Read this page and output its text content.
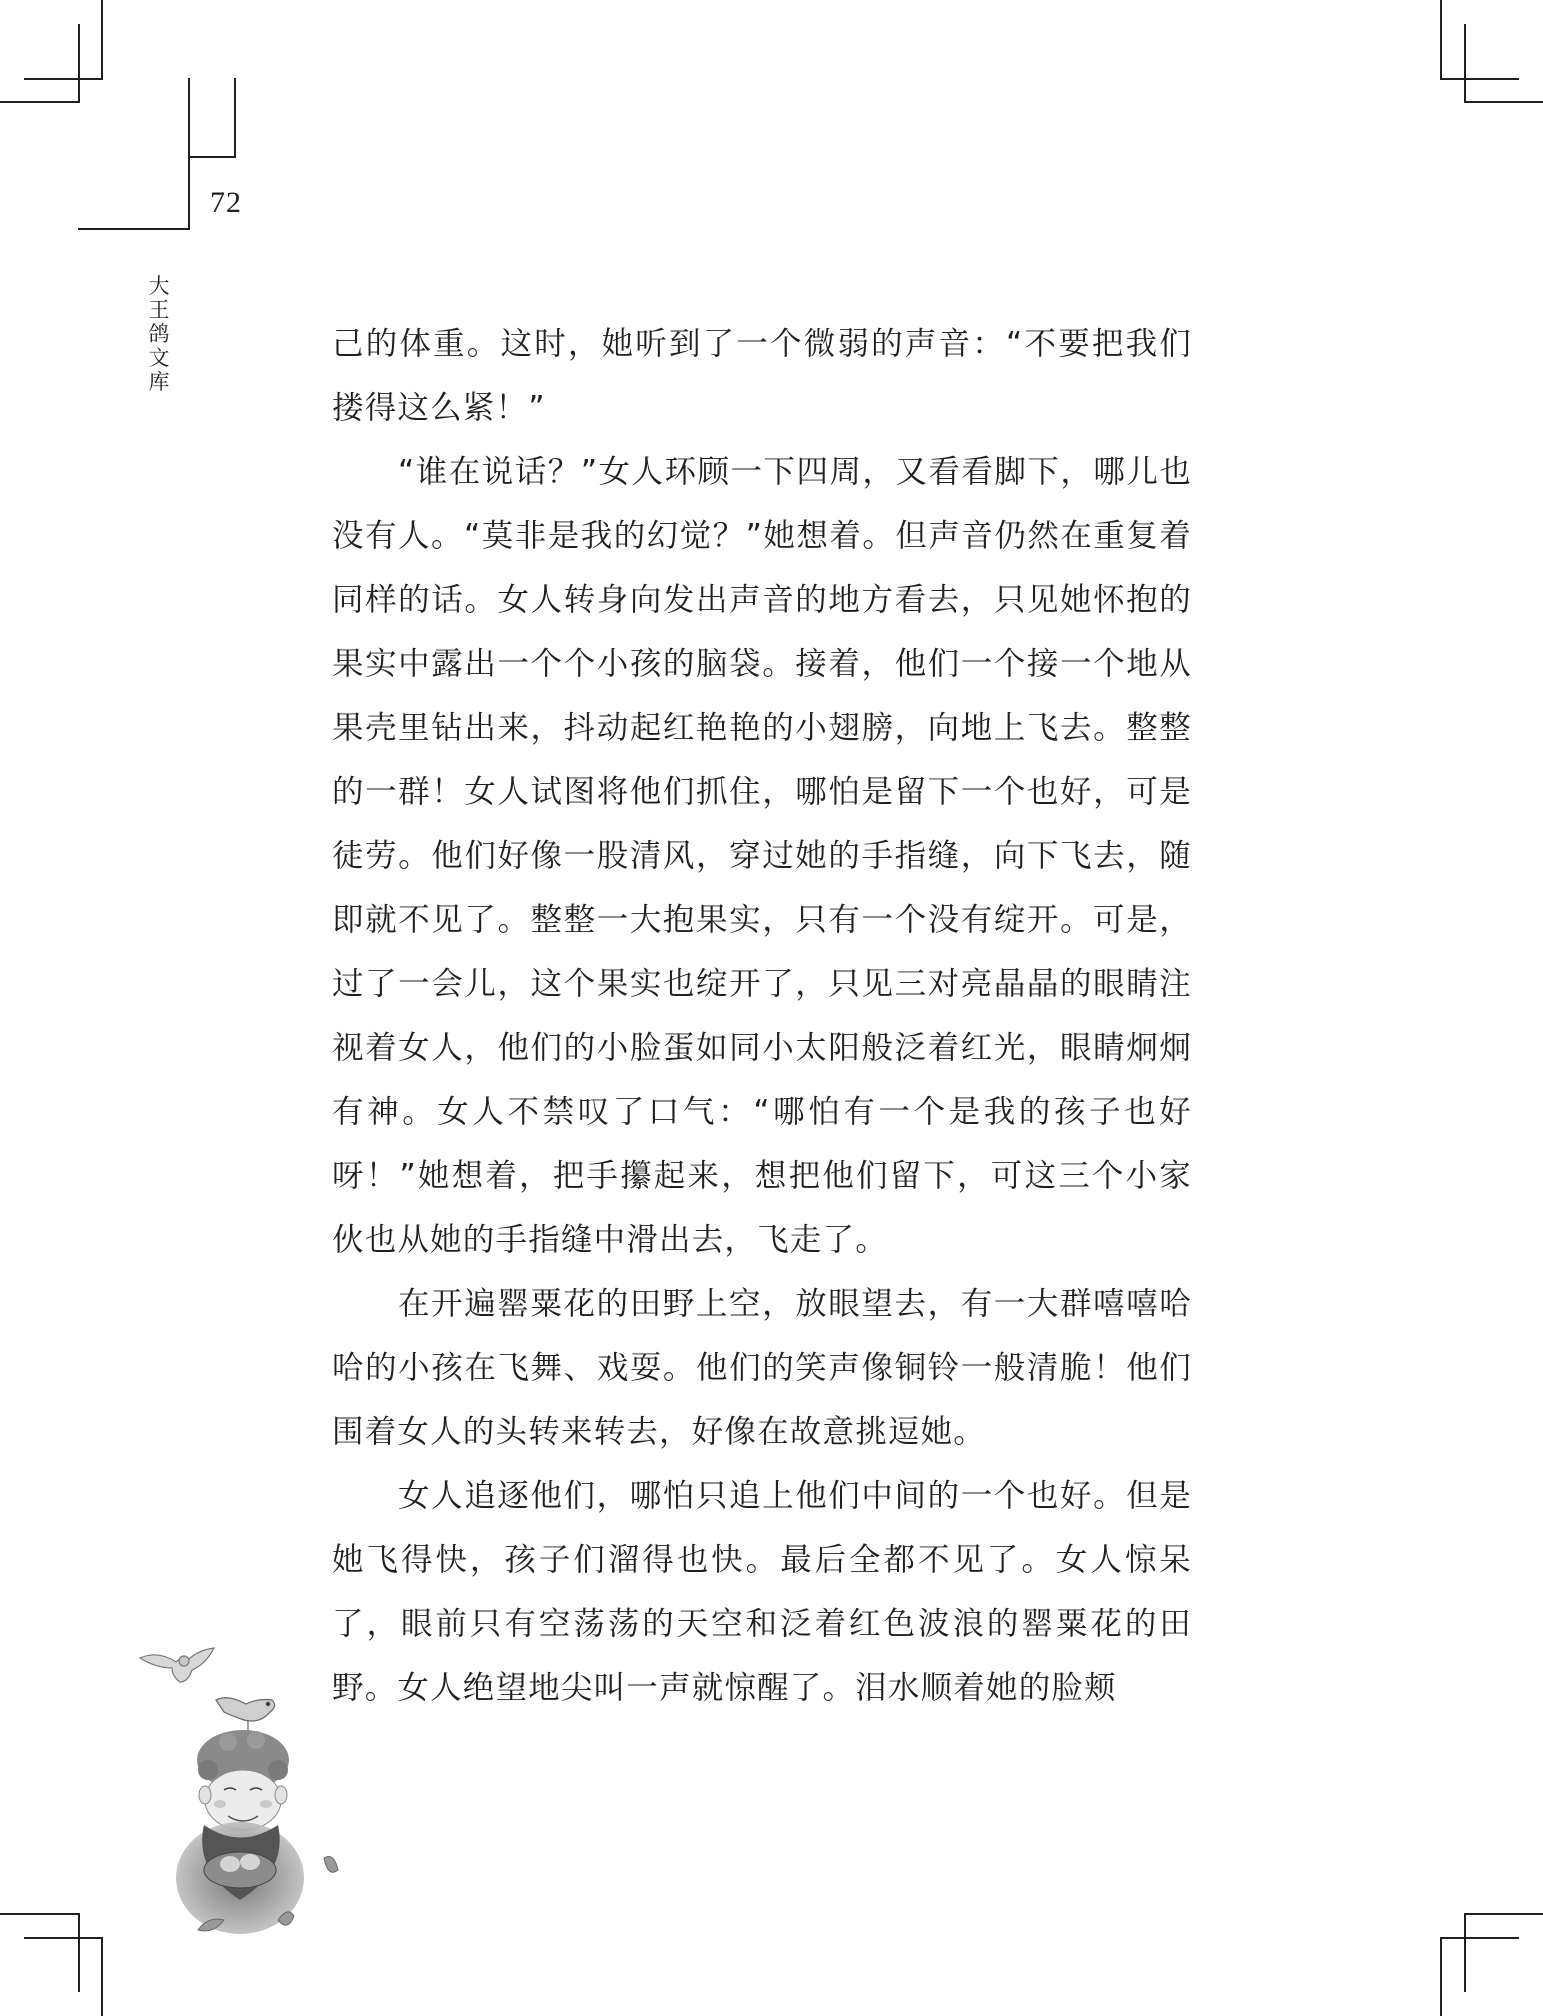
72
大
王
鸽
文
库

己的体重。这时，她听到了一个微弱的声音：“不要把我们搂得这么紧！”

“谁在说话？”女人环顾一下四周，又看看脚下，哪儿也没有人。“莫非是我的幻觉？”她想着。但声音仍然在重复着同样的话。女人转身向发出声音的地方看去，只见她怀抱的果实中露出一个个小孩的脑袋。接着，他们一个接一个地从果壳里钻出来，抖动起红艳艳的小翅膀，向地上飞去。整整的一群！女人试图将他们抓住，哪怕是留下一个也好，可是徒劳。他们好像一股清风，穿过她的手指缝，向下飞去，随即就不见了。整整一大抱果实，只有一个没有绽开。可是，过了一会儿，这个果实也绽开了，只见三对亮晶晶的眼睛注视着女人，他们的小脸蛋如同小太阳般泛着红光，眼睛炯炯有神。女人不禁叹了口气：“哪怕有一个是我的孩子也好呀！”她想着，把手攥起来，想把他们留下，可这三个小家伙也从她的手指缝中滑出去，飞走了。

在开遍罂粟花的田野上空，放眼望去，有一大群嘻嘻哈哈的小孩在飞舞、戏耍。他们的笑声像铜铃一般清脆！他们围着女人的头转来转去，好像在故意挑逗她。

女人追逐他们，哪怕只追上他们中间的一个也好。但是她飞得快，孩子们溜得也快。最后全都不见了。女人惊呆了，眼前只有空荡荡的天空和泛着红色波浪的罂粟花的田野。女人绝望地尖叫一声就惊醒了。泪水顺着她的脸颊
